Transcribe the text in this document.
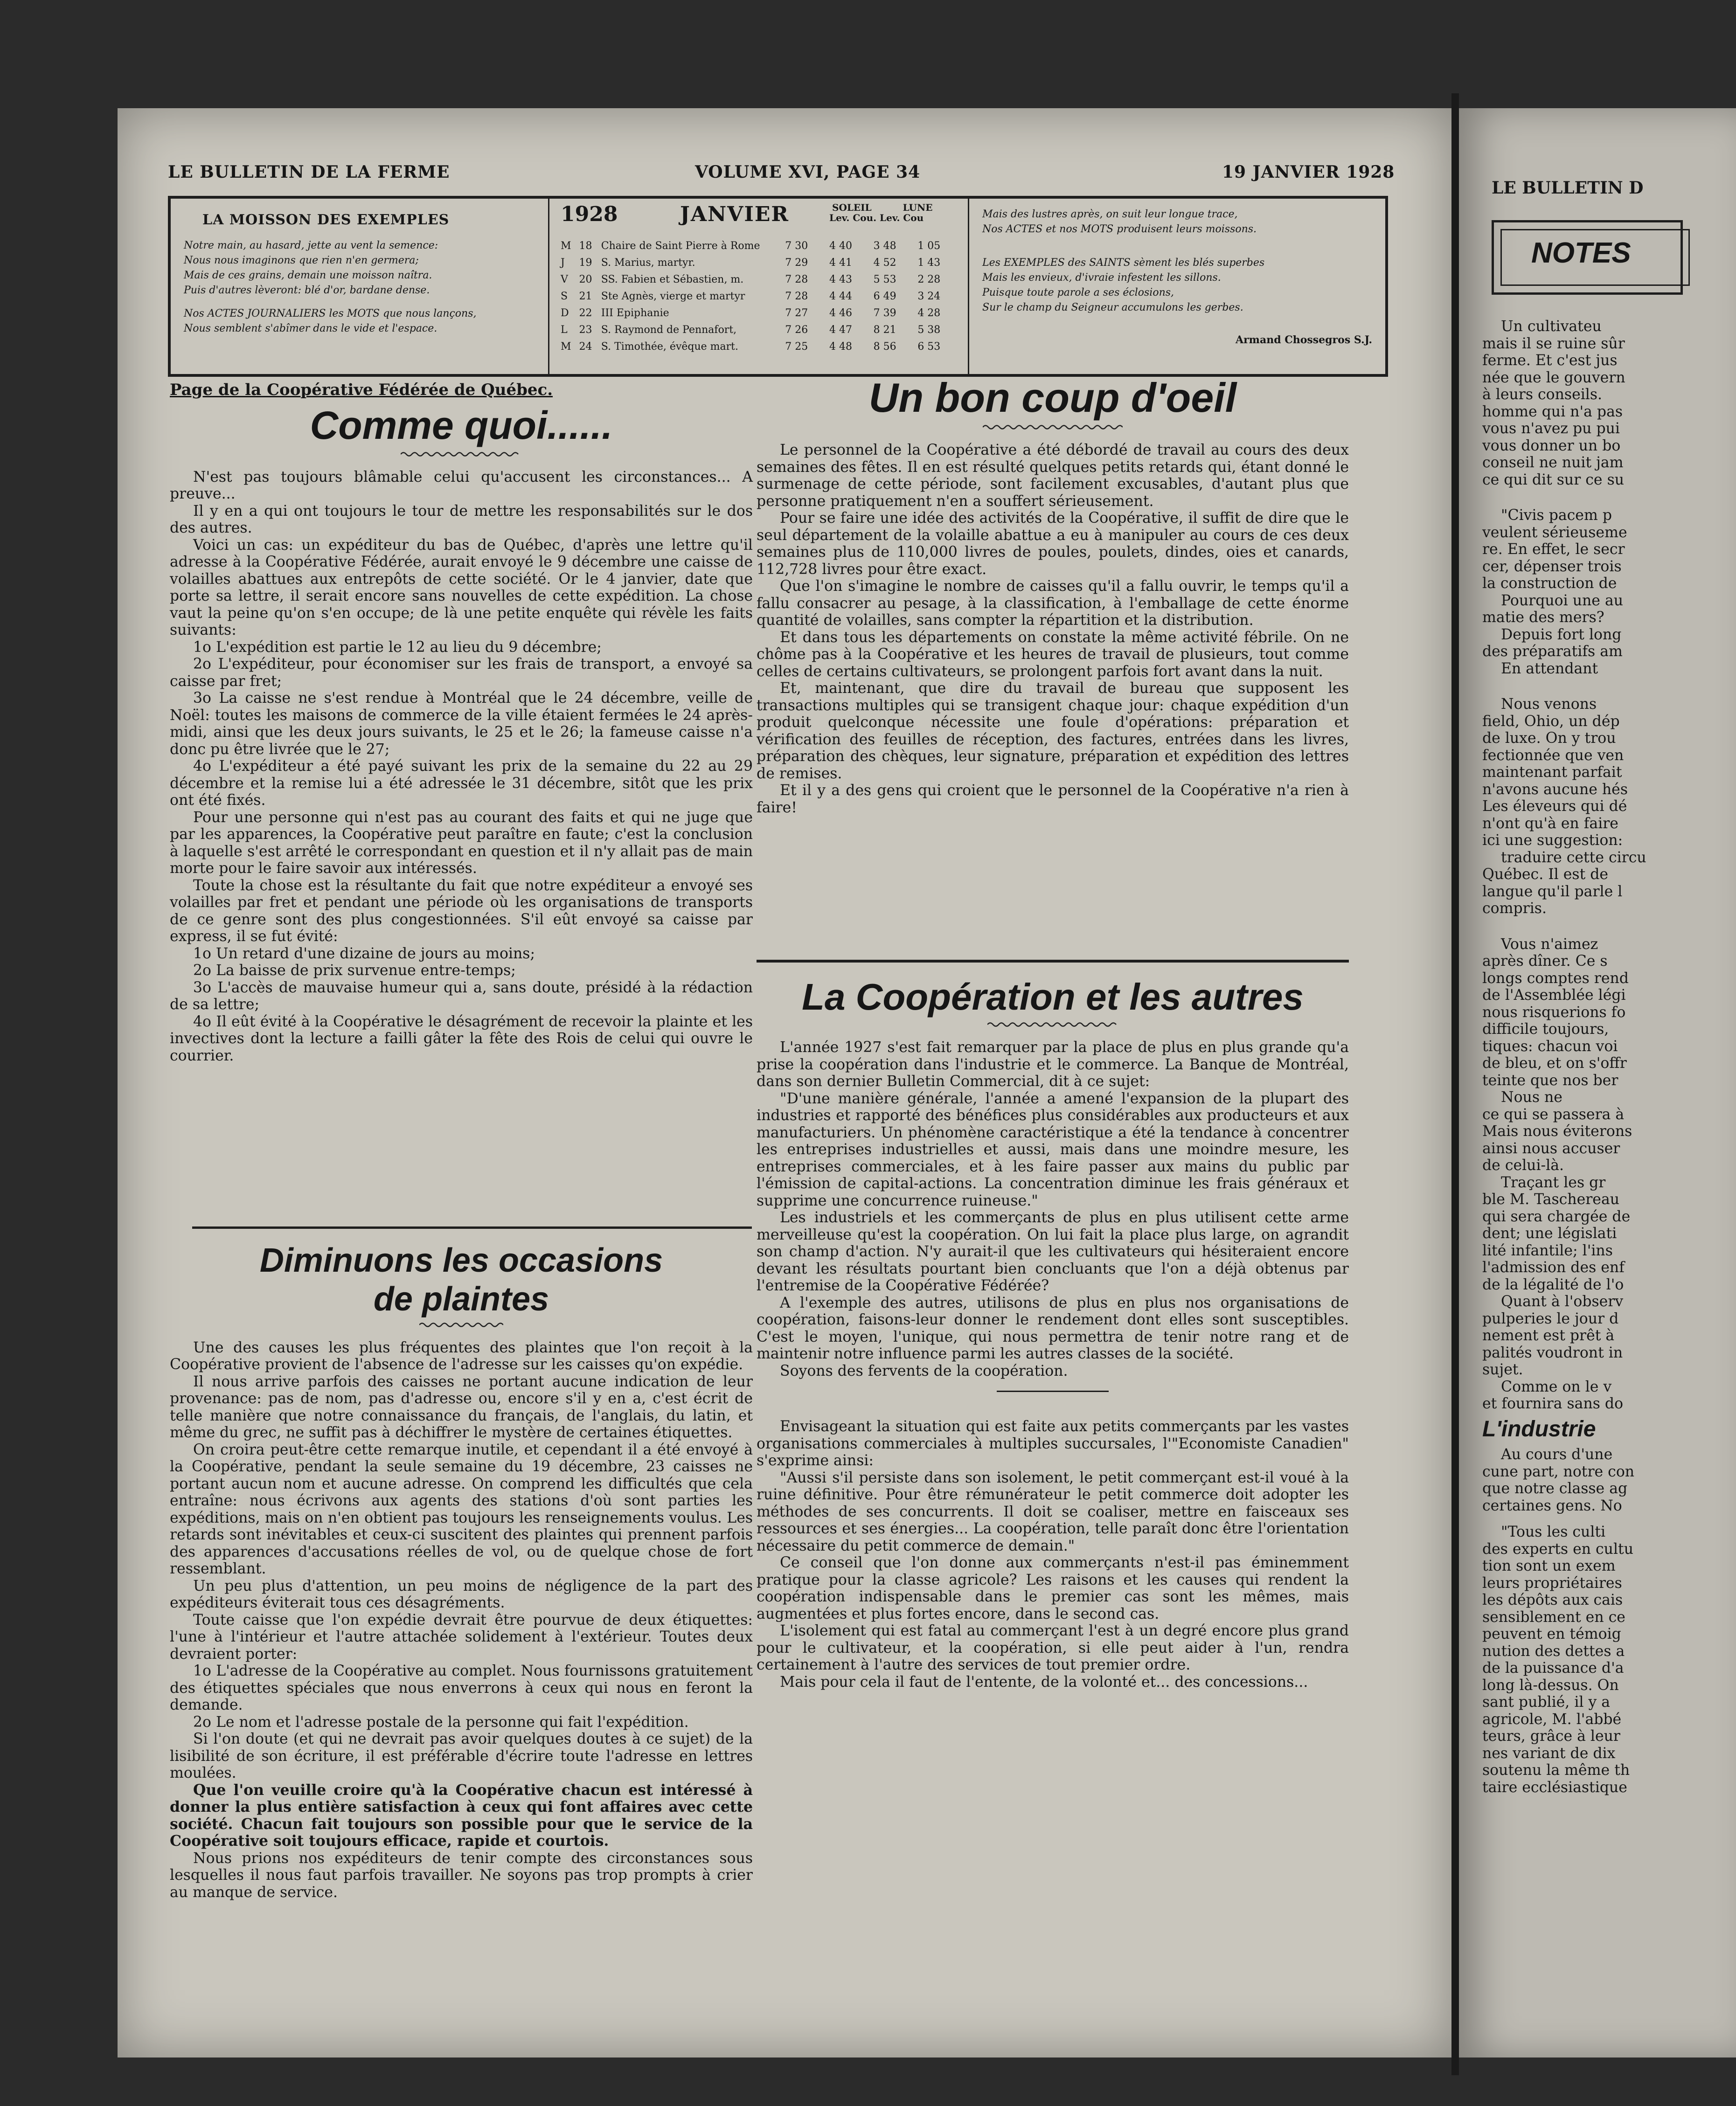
LE BULLETIN DE LA FERME	VOLUME XVI, PAGE 34	19 JANVIER 1928
LA MOISSON DES EXEMPLES
Notre main, au hasard, jette au vent la semence:
Nous nous imaginons que rien n'en germera;
Mais de ces grains, demain une moisson naîtra.
Puis d'autres lèveront: blé d'or, bardane dense.
Nos ACTES JOURNALIERS les MOTS que nous lançons,
Nous semblent s'abîmer dans le vide et l'espace.
1928	JANVIER	SOLEIL	LUNE
Lev. Cou. Lev. Cou
M 18 Chaire de Saint Pierre à Rome	7 30	4 40	3 48	1 05
J	19 S. Marius, martyr.	7 29	4 41	4 52	1 43
V	20 SS. Fabien et Sébastien, m.	7 28	4 43	5 53	2 28
S	21 Ste Agnès, vierge et martyr	7 28	4 44	6 49	3 24
D 22 III Epiphanie	7 27	4 46	7 39	4 28
L	23 S. Raymond de Pennafort,	7 26	4 47	8 21	5 38
M 24 S. Timothée, évêque mart.	7 25	4 48	8 56	6 53
Mais des lustres après, on suit leur longue trace,
Nos ACTES et nos MOTS produisent leurs moissons.
Les EXEMPLES des SAINTS sèment les blés superbes
Mais les envieux, d'ivraie infestent les sillons.
Puisque toute parole a ses éclosions,
Sur le champ du Seigneur accumulons les gerbes.
Armand Chossegros S.J.
Page de la Coopérative Fédérée de Québec.
Comme quoi......

N'est pas toujours blâmable celui qu'accusent les circonstances... A preuve...

Il y en a qui ont toujours le tour de mettre les responsabilités sur le dos des autres.

Voici un cas: un expéditeur du bas de Québec, d'après une lettre qu'il adresse à la Coopérative Fédérée, aurait envoyé le 9 décembre une caisse de volailles abattues aux entrepôts de cette société. Or le 4 janvier, date que porte sa lettre, il serait encore sans nouvelles de cette expédition. La chose vaut la peine qu'on s'en occupe; de là une petite enquête qui révèle les faits suivants:

1o L'expédition est partie le 12 au lieu du 9 décembre;

2o L'expéditeur, pour économiser sur les frais de transport, a envoyé sa caisse par fret;

3o La caisse ne s'est rendue à Montréal que le 24 décembre, veille de Noël: toutes les maisons de commerce de la ville étaient fermées le 24 après-midi, ainsi que les deux jours suivants, le 25 et le 26; la fameuse caisse n'a donc pu être livrée que le 27;

4o L'expéditeur a été payé suivant les prix de la semaine du 22 au 29 décembre et la remise lui a été adressée le 31 décembre, sitôt que les prix ont été fixés.

Pour une personne qui n'est pas au courant des faits et qui ne juge que par les apparences, la Coopérative peut paraître en faute; c'est la conclusion à laquelle s'est arrêté le correspondant en question et il n'y allait pas de main morte pour le faire savoir aux intéressés.

Toute la chose est la résultante du fait que notre expéditeur a envoyé ses volailles par fret et pendant une période où les organisations de transports de ce genre sont des plus congestionnées. S'il eût envoyé sa caisse par express, il se fut évité:

1o Un retard d'une dizaine de jours au moins;

2o La baisse de prix survenue entre-temps;

3o L'accès de mauvaise humeur qui a, sans doute, présidé à la rédaction de sa lettre;

4o Il eût évité à la Coopérative le désagrément de recevoir la plainte et les invectives dont la lecture a failli gâter la fête des Rois de celui qui ouvre le courrier.

Diminuons les occasions
de plaintes

Une des causes les plus fréquentes des plaintes que l'on reçoit à la Coopérative provient de l'absence de l'adresse sur les caisses qu'on expédie.

Il nous arrive parfois des caisses ne portant aucune indication de leur provenance: pas de nom, pas d'adresse ou, encore s'il y en a, c'est écrit de telle manière que notre connaissance du français, de l'anglais, du latin, et même du grec, ne suffit pas à déchiffrer le mystère de certaines étiquettes.

On croira peut-être cette remarque inutile, et cependant il a été envoyé à la Coopérative, pendant la seule semaine du 19 décembre, 23 caisses ne portant aucun nom et aucune adresse. On comprend les difficultés que cela entraîne: nous écrivons aux agents des stations d'où sont parties les expéditions, mais on n'en obtient pas toujours les renseignements voulus. Les retards sont inévitables et ceux-ci suscitent des plaintes qui prennent parfois des apparences d'accusations réelles de vol, ou de quelque chose de fort ressemblant.

Un peu plus d'attention, un peu moins de négligence de la part des expéditeurs éviterait tous ces désagréments.

Toute caisse que l'on expédie devrait être pourvue de deux étiquettes: l'une à l'intérieur et l'autre attachée solidement à l'extérieur. Toutes deux devraient porter:

1o L'adresse de la Coopérative au complet. Nous fournissons gratuitement des étiquettes spéciales que nous enverrons à ceux qui nous en feront la demande.

2o Le nom et l'adresse postale de la personne qui fait l'expédition.

Si l'on doute (et qui ne devrait pas avoir quelques doutes à ce sujet) de la lisibilité de son écriture, il est préférable d'écrire toute l'adresse en lettres moulées.

Que l'on veuille croire qu'à la Coopérative chacun est intéressé à donner la plus entière satisfaction à ceux qui font affaires avec cette société. Chacun fait toujours son possible pour que le service de la Coopérative soit toujours efficace, rapide et courtois.

Nous prions nos expéditeurs de tenir compte des circonstances sous lesquelles il nous faut parfois travailler. Ne soyons pas trop prompts à crier au manque de service.

Un bon coup d'oeil

Le personnel de la Coopérative a été débordé de travail au cours des deux semaines des fêtes. Il en est résulté quelques petits retards qui, étant donné le surmenage de cette période, sont facilement excusables, d'autant plus que personne pratiquement n'en a souffert sérieusement.

Pour se faire une idée des activités de la Coopérative, il suffit de dire que le seul département de la volaille abattue a eu à manipuler au cours de ces deux semaines plus de 110,000 livres de poules, poulets, dindes, oies et canards, 112,728 livres pour être exact.

Que l'on s'imagine le nombre de caisses qu'il a fallu ouvrir, le temps qu'il a fallu consacrer au pesage, à la classification, à l'emballage de cette énorme quantité de volailles, sans compter la répartition et la distribution.

Et dans tous les départements on constate la même activité fébrile. On ne chôme pas à la Coopérative et les heures de travail de plusieurs, tout comme celles de certains cultivateurs, se prolongent parfois fort avant dans la nuit.

Et, maintenant, que dire du travail de bureau que supposent les transactions multiples qui se transigent chaque jour: chaque expédition d'un produit quelconque nécessite une foule d'opérations: préparation et vérification des feuilles de réception, des factures, entrées dans les livres, préparation des chèques, leur signature, préparation et expédition des lettres de remises.

Et il y a des gens qui croient que le personnel de la Coopérative n'a rien à faire!

La Coopération et les autres

L'année 1927 s'est fait remarquer par la place de plus en plus grande qu'a prise la coopération dans l'industrie et le commerce. La Banque de Montréal, dans son dernier Bulletin Commercial, dit à ce sujet:

"D'une manière générale, l'année a amené l'expansion de la plupart des industries et rapporté des bénéfices plus considérables aux producteurs et aux manufacturiers. Un phénomène caractéristique a été la tendance à concentrer les entreprises industrielles et aussi, mais dans une moindre mesure, les entreprises commerciales, et à les faire passer aux mains du public par l'émission de capital-actions. La concentration diminue les frais généraux et supprime une concurrence ruineuse."

Les industriels et les commerçants de plus en plus utilisent cette arme merveilleuse qu'est la coopération. On lui fait la place plus large, on agrandit son champ d'action. N'y aurait-il que les cultivateurs qui hésiteraient encore devant les résultats pourtant bien concluants que l'on a déjà obtenus par l'entremise de la Coopérative Fédérée?

A l'exemple des autres, utilisons de plus en plus nos organisations de coopération, faisons-leur donner le rendement dont elles sont susceptibles. C'est le moyen, l'unique, qui nous permettra de tenir notre rang et de maintenir notre influence parmi les autres classes de la société.

Soyons des fervents de la coopération.

Envisageant la situation qui est faite aux petits commerçants par les vastes organisations commerciales à multiples succursales, l'"Economiste Canadien" s'exprime ainsi:

"Aussi s'il persiste dans son isolement, le petit commerçant est-il voué à la ruine définitive. Pour être rémunérateur le petit commerce doit adopter les méthodes de ses concurrents. Il doit se coaliser, mettre en faisceaux ses ressources et ses énergies... La coopération, telle paraît donc être l'orientation nécessaire du petit commerce de demain."

Ce conseil que l'on donne aux commerçants n'est-il pas éminemment pratique pour la classe agricole? Les raisons et les causes qui rendent la coopération indispensable dans le premier cas sont les mêmes, mais augmentées et plus fortes encore, dans le second cas.

L'isolement qui est fatal au commerçant l'est à un degré encore plus grand pour le cultivateur, et la coopération, si elle peut aider à l'un, rendra certainement à l'autre des services de tout premier ordre.

Mais pour cela il faut de l'entente, de la volonté et... des concessions...

LE BULLETIN D
NOTES

Un cultivateu

mais il se ruine sûr

ferme. Et c'est jus

née que le gouvern

à leurs conseils.

homme qui n'a pas

vous n'avez pu pui

vous donner un bo

conseil ne nuit jam

ce qui dit sur ce su

"Civis pacem p

veulent sérieuseme

re. En effet, le secr

cer, dépenser trois

la construction de

Pourquoi une au

matie des mers?

Depuis fort long

des préparatifs am

En attendant

Nous venons

field, Ohio, un dép

de luxe. On y trou

fectionnée que ven

maintenant parfait

n'avons aucune hés

Les éleveurs qui dé

n'ont qu'à en faire

ici une suggestion:

traduire cette circu

Québec. Il est de

langue qu'il parle l

compris.

Vous n'aimez

après dîner. Ce s

longs comptes rend

de l'Assemblée légi

nous risquerions fo

difficile toujours,

tiques: chacun voi

de bleu, et on s'offr

teinte que nos ber

Nous ne

ce qui se passera à

Mais nous éviterons

ainsi nous accuser

de celui-là.

Traçant les gr

ble M. Taschereau

qui sera chargée de

dent; une législati

lité infantile; l'ins

l'admission des enf

de la légalité de l'o

Quant à l'observ

pulperies le jour d

nement est prêt à

palités voudront in

sujet.

Comme on le v

et fournira sans do

L'industrie

Au cours d'une

cune part, notre con

que notre classe ag

certaines gens. No

"Tous les culti

des experts en cultu

tion sont un exem

leurs propriétaires

les dépôts aux cais

sensiblement en ce

peuvent en témoig

nution des dettes a

de la puissance d'a

long là-dessus. On

sant publié, il y a

agricole, M. l'abbé

teurs, grâce à leur

nes variant de dix

soutenu la même th

taire ecclésiastique
